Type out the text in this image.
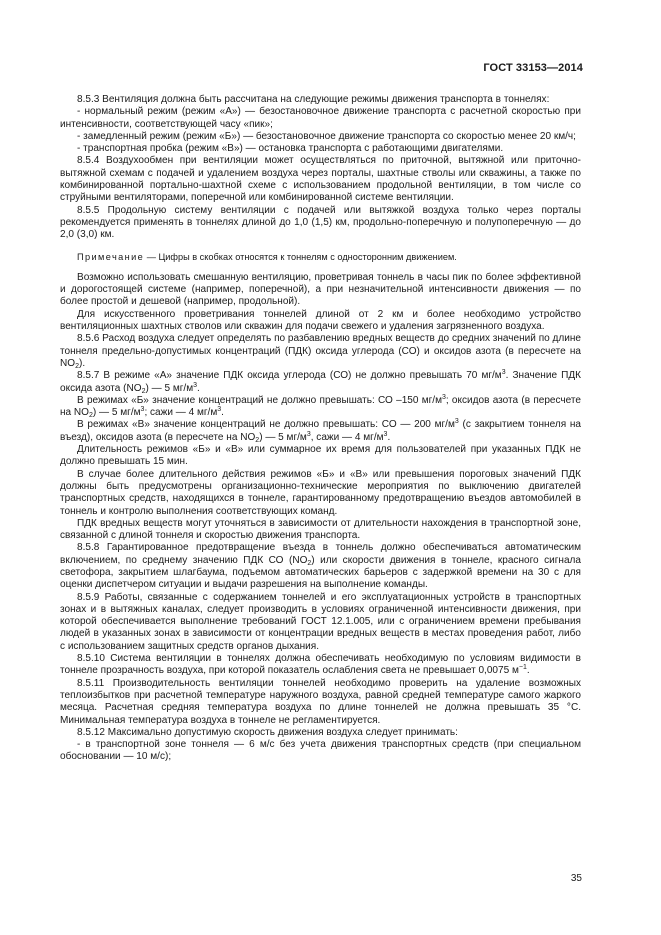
ГОСТ 33153—2014

8.5.3 Вентиляция должна быть рассчитана на следующие режимы движения транспорта в тоннелях:

- нормальный режим (режим «А») — безостановочное движение транспорта с расчетной скоростью при интенсивности, соответствующей часу «пик»;

- замедленный режим (режим «Б») — безостановочное движение транспорта со скоростью менее 20 км/ч;

- транспортная пробка (режим «В») — остановка транспорта с работающими двигателями.

8.5.4 Воздухообмен при вентиляции может осуществляться по приточной, вытяжной или приточно-вытяжной схемам с подачей и удалением воздуха через порталы, шахтные стволы или скважины, а также по комбинированной портально-шахтной схеме с использованием продольной вентиляции, в том числе со струйными вентиляторами, поперечной или комбинированной системе вентиляции.

8.5.5 Продольную систему вентиляции с подачей или вытяжкой воздуха только через порталы рекомендуется применять в тоннелях длиной до 1,0 (1,5) км, продольно-поперечную и полупоперечную — до 2,0 (3,0) км.

Примечание — Цифры в скобках относятся к тоннелям с односторонним движением.

Возможно использовать смешанную вентиляцию, проветривая тоннель в часы пик по более эффективной и дорогостоящей системе (например, поперечной), а при незначительной интенсивности движения — по более простой и дешевой (например, продольной).

Для искусственного проветривания тоннелей длиной от 2 км и более необходимо устройство вентиляционных шахтных стволов или скважин для подачи свежего и удаления загрязненного воздуха.

8.5.6 Расход воздуха следует определять по разбавлению вредных веществ до средних значений по длине тоннеля предельно-допустимых концентраций (ПДК) оксида углерода (СО) и оксидов азота (в пересчете на $NO_2$).

8.5.7 В режиме «А» значение ПДК оксида углерода (СО) не должно превышать 70 $мг/м^3$. Значение ПДК оксида азота $(NO_2)$ — 5 $мг/м^3$.

В режимах «Б» значение концентраций не должно превышать: СО –150 $мг/м^3$; оксидов азота (в пересчете на $NO_2$) — 5 $мг/м^3$; сажи — 4 $мг/м^3$.

В режимах «В» значение концентраций не должно превышать: СО — 200 $мг/м^3$ (с закрытием тоннеля на въезд), оксидов азота (в пересчете на $NO_2$) — 5 $мг/м^3$, сажи — 4 $мг/м^3$.

Длительность режимов «Б» и «В» или суммарное их время для пользователей при указанных ПДК не должно превышать 15 мин.

В случае более длительного действия режимов «Б» и «В» или превышения пороговых значений ПДК должны быть предусмотрены организационно-технические мероприятия по выключению двигателей транспортных средств, находящихся в тоннеле, гарантированному предотвращению въездов автомобилей в тоннель и контролю выполнения соответствующих команд.

ПДК вредных веществ могут уточняться в зависимости от длительности нахождения в транспортной зоне, связанной с длиной тоннеля и скоростью движения транспорта.

8.5.8 Гарантированное предотвращение въезда в тоннель должно обеспечиваться автоматическим включением, по среднему значению ПДК СО $(NO_2)$ или скорости движения в тоннеле, красного сигнала светофора, закрытием шлагбаума, подъемом автоматических барьеров с задержкой времени на 30 с для оценки диспетчером ситуации и выдачи разрешения на выполнение команды.

8.5.9 Работы, связанные с содержанием тоннелей и его эксплуатационных устройств в транспортных зонах и в вытяжных каналах, следует производить в условиях ограниченной интенсивности движения, при которой обеспечивается выполнение требований ГОСТ 12.1.005, или с ограничением времени пребывания людей в указанных зонах в зависимости от концентрации вредных веществ в местах проведения работ, либо с использованием защитных средств органов дыхания.

8.5.10 Система вентиляции в тоннелях должна обеспечивать необходимую по условиям видимости в тоннеле прозрачность воздуха, при которой показатель ослабления света не превышает 0,0075 $м^{-1}$.

8.5.11 Производительность вентиляции тоннелей необходимо проверить на удаление возможных теплоизбытков при расчетной температуре наружного воздуха, равной средней температуре самого жаркого месяца. Расчетная средняя температура воздуха по длине тоннелей не должна превышать 35 °С. Минимальная температура воздуха в тоннеле не регламентируется.

8.5.12 Максимально допустимую скорость движения воздуха следует принимать:

- в транспортной зоне тоннеля — 6 м/с без учета движения транспортных средств (при специальном обосновании — 10 м/с);

35
